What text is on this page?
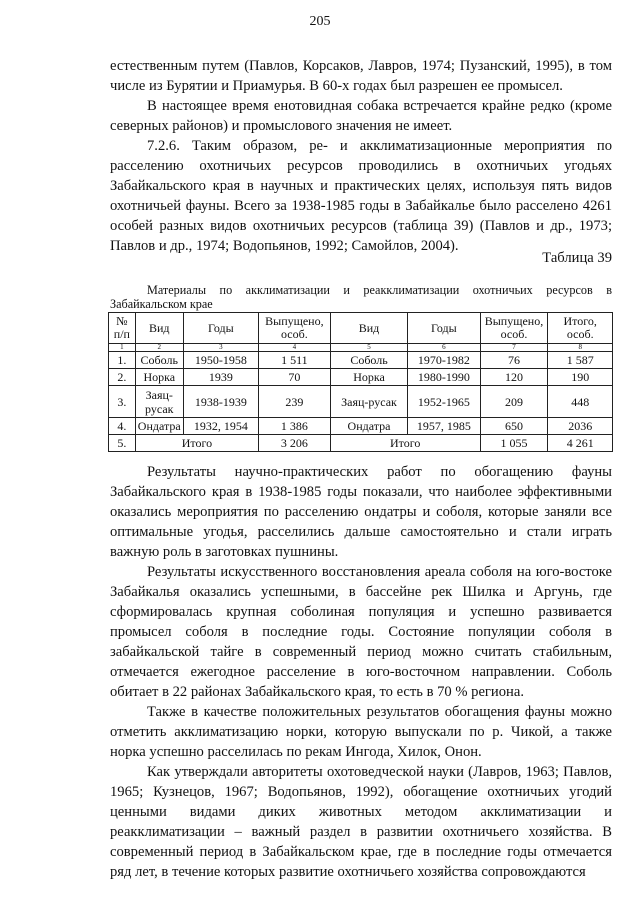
205

естественным путем (Павлов, Корсаков, Лавров, 1974; Пузанский, 1995), в том числе из Бурятии и Приамурья. В 60-х годах был разрешен ее промысел.

В настоящее время енотовидная собака встречается крайне редко (кроме северных районов) и промыслового значения не имеет.

7.2.6. Таким образом, ре- и акклиматизационные мероприятия по расселению охотничьих ресурсов проводились в охотничьих угодьях Забайкальского края в научных и практических целях, используя пять видов охотничьей фауны. Всего за 1938-1985 годы в Забайкалье было расселено 4261 особей разных видов охотничьих ресурсов (таблица 39) (Павлов и др., 1973; Павлов и др., 1974; Водопьянов, 1992; Самойлов, 2004).

Таблица 39
Материалы по акклиматизации и реакклиматизации охотничьих ресурсов в Забайкальском крае
№ п/п	Вид	Годы	Выпущено, особ.	Вид	Годы	Выпущено, особ.	Итого, особ.
1	2	3	4	5	6	7	8
1.	Соболь	1950-1958	1 511	Соболь	1970-1982	76	1 587
2.	Норка	1939	70	Норка	1980-1990	120	190
3.	Заяц-русак	1938-1939	239	Заяц-русак	1952-1965	209	448
4.	Ондатра	1932, 1954	1 386	Ондатра	1957, 1985	650	2036
5.	Итого		3 206	Итого		1 055	4 261

Результаты научно-практических работ по обогащению фауны Забайкальского края в 1938-1985 годы показали, что наиболее эффективными оказались мероприятия по расселению ондатры и соболя, которые заняли все оптимальные угодья, расселились дальше самостоятельно и стали играть важную роль в заготовках пушнины.

Результаты искусственного восстановления ареала соболя на юго-востоке Забайкалья оказались успешными, в бассейне рек Шилка и Аргунь, где сформировалась крупная соболиная популяция и успешно развивается промысел соболя в последние годы. Состояние популяции соболя в забайкальской тайге в современный период можно считать стабильным, отмечается ежегодное расселение в юго-восточном направлении. Соболь обитает в 22 районах Забайкальского края, то есть в 70 % региона.

Также в качестве положительных результатов обогащения фауны можно отметить акклиматизацию норки, которую выпускали по р. Чикой, а также норка успешно расселилась по рекам Ингода, Хилок, Онон.

Как утверждали авторитеты охотоведческой науки (Лавров, 1963; Павлов, 1965; Кузнецов, 1967; Водопьянов, 1992), обогащение охотничьих угодий ценными видами диких животных методом акклиматизации и реакклиматизации – важный раздел в развитии охотничьего хозяйства. В современный период в Забайкальском крае, где в последние годы отмечается ряд лет, в течение которых развитие охотничьего хозяйства сопровождаются
